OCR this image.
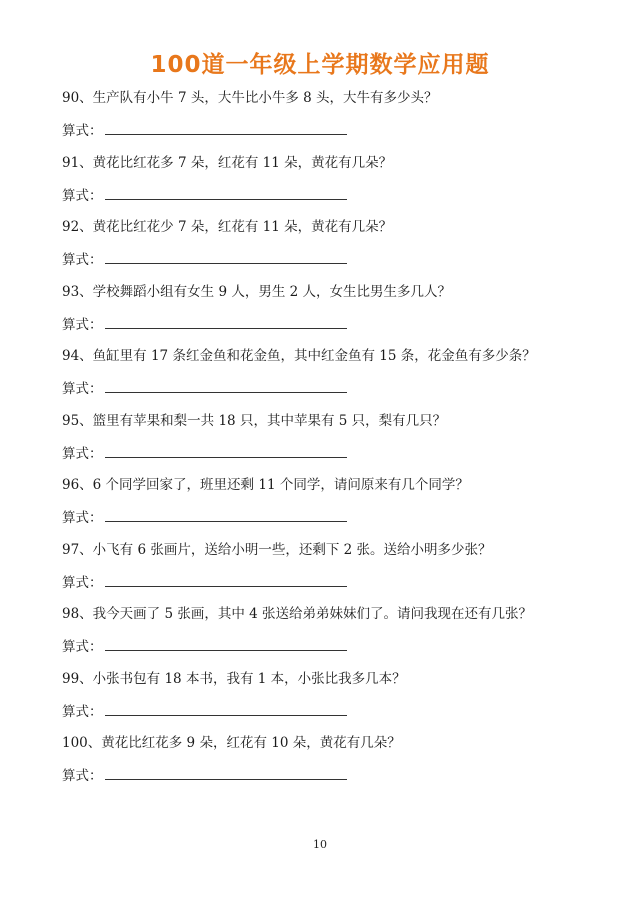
100道一年级上学期数学应用题
90、生产队有小牛 7 头，大牛比小牛多 8 头，大牛有多少头？
算式：
91、黄花比红花多 7 朵，红花有 11 朵，黄花有几朵？
算式：
92、黄花比红花少 7 朵，红花有 11 朵，黄花有几朵？
算式：
93、学校舞蹈小组有女生 9 人，男生 2 人，女生比男生多几人？
算式：
94、鱼缸里有 17 条红金鱼和花金鱼，其中红金鱼有 15 条，花金鱼有多少条？
算式：
95、篮里有苹果和梨一共 18 只，其中苹果有 5 只，梨有几只？
算式：
96、6 个同学回家了，班里还剩 11 个同学，请问原来有几个同学？
算式：
97、小飞有 6 张画片，送给小明一些，还剩下 2 张。送给小明多少张？
算式：
98、我今天画了 5 张画，其中 4 张送给弟弟妹妹们了。请问我现在还有几张？
算式：
99、小张书包有 18 本书，我有 1 本，小张比我多几本？
算式：
100、黄花比红花多 9 朵，红花有 10 朵，黄花有几朵？
算式：
10
